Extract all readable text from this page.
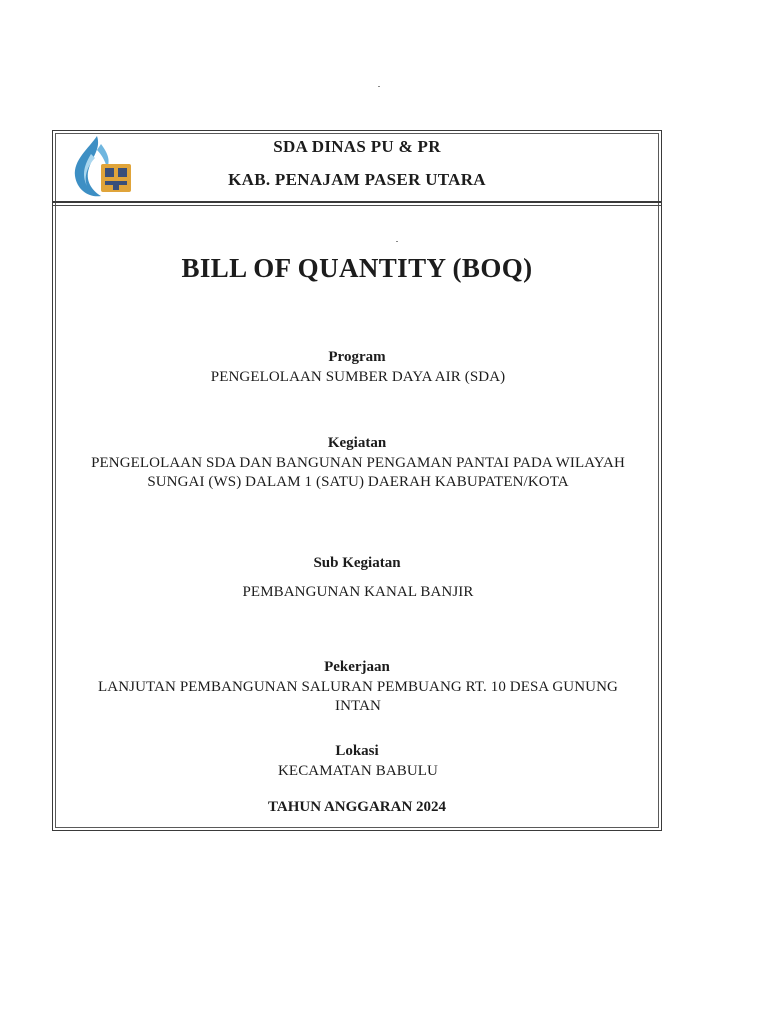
SDA DINAS PU & PR
KAB. PENAJAM PASER UTARA
BILL OF QUANTITY (BOQ)
Program
PENGELOLAAN SUMBER DAYA AIR (SDA)
Kegiatan
PENGELOLAAN SDA DAN BANGUNAN PENGAMAN PANTAI PADA WILAYAH
SUNGAI (WS) DALAM 1 (SATU) DAERAH KABUPATEN/KOTA
Sub Kegiatan
PEMBANGUNAN KANAL BANJIR
Pekerjaan
LANJUTAN PEMBANGUNAN SALURAN PEMBUANG RT. 10 DESA GUNUNG
INTAN
Lokasi
KECAMATAN BABULU
TAHUN ANGGARAN 2024
